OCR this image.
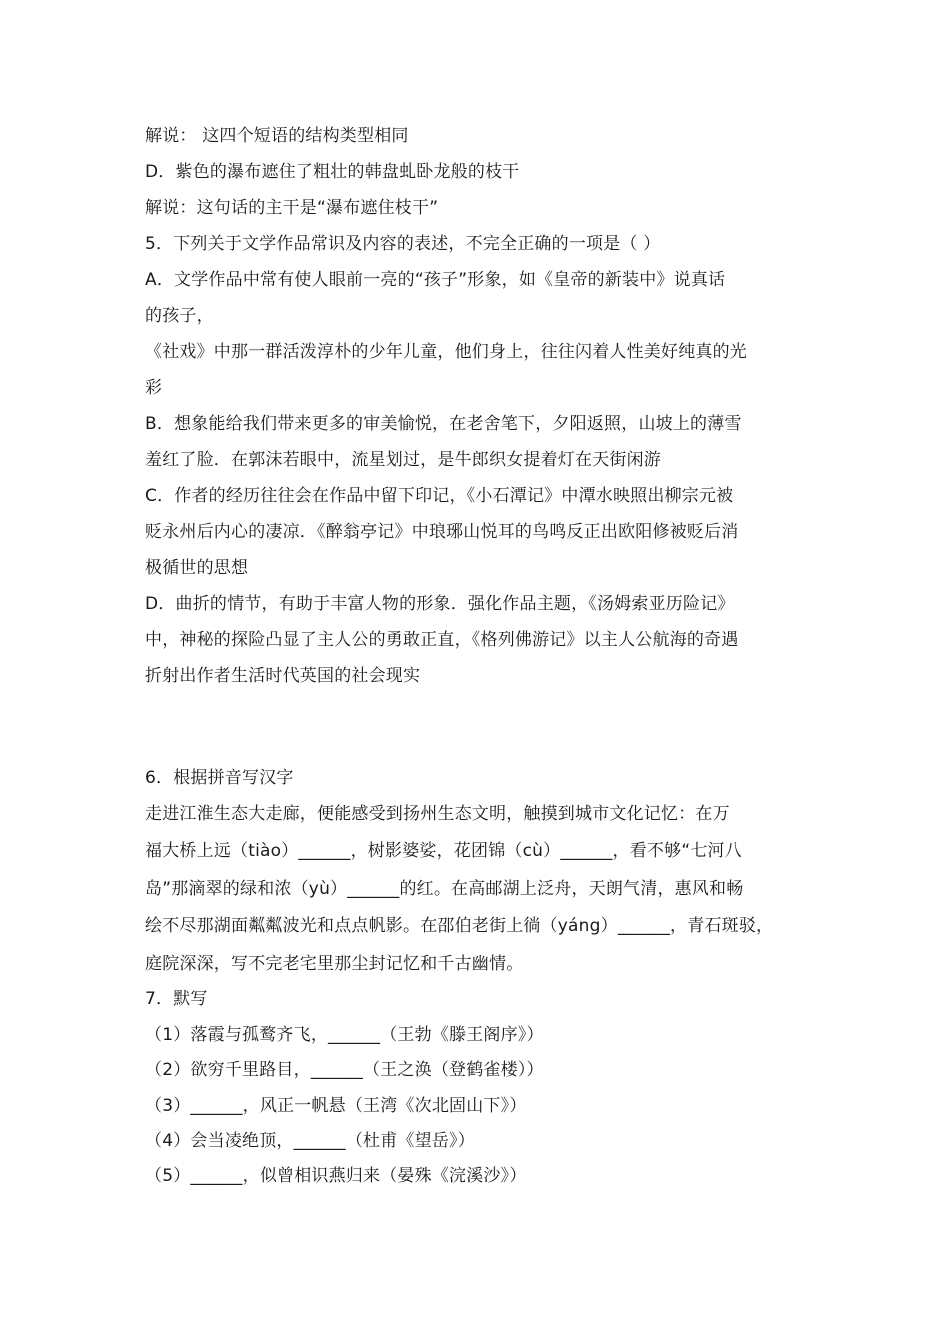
解说： 这四个短语的结构类型相同
D．紫色的瀑布遮住了粗壮的韩盘虬卧龙般的枝干
解说：这句话的主干是“瀑布遮住枝干”
5．下列关于文学作品常识及内容的表述，不完全正确的一项是（ ）
A．文学作品中常有使人眼前一亮的“孩子”形象，如《皇帝的新装中》说真话
的孩子，
《社戏》中那一群活泼淳朴的少年儿童，他们身上，往往闪着人性美好纯真的光
彩
B．想象能给我们带来更多的审美愉悦，在老舍笔下，夕阳返照，山坡上的薄雪
羞红了脸．在郭沫若眼中，流星划过，是牛郎织女提着灯在天街闲游
C．作者的经历往往会在作品中留下印记，《小石潭记》中潭水映照出柳宗元被
贬永州后内心的凄凉．《醉翁亭记》中琅琊山悦耳的鸟鸣反正出欧阳修被贬后消
极循世的思想
D．曲折的情节，有助于丰富人物的形象．强化作品主题，《汤姆索亚历险记》
中，神秘的探险凸显了主人公的勇敢正直，《格列佛游记》以主人公航海的奇遇
折射出作者生活时代英国的社会现实
6．根据拼音写汉字
走进江淮生态大走廊，便能感受到扬州生态文明，触摸到城市文化记忆：在万
福大桥上远（tiào）______，树影婆娑，花团锦（cù）______，看不够“七河八
岛”那滴翠的绿和浓（yù）______的红。在高邮湖上泛舟，天朗气清，惠风和畅
绘不尽那湖面粼粼波光和点点帆影。在邵伯老街上徜（yáng）______，青石斑驳，
庭院深深，写不完老宅里那尘封记忆和千古幽情。
7．默写
（1）落霞与孤鹜齐飞，______（王勃《滕王阁序》）
（2）欲穷千里路目，______（王之涣（登鹤雀楼））
（3）______，风正一帆悬（王湾《次北固山下》）
（4）会当凌绝顶，______（杜甫《望岳》）
（5）______，似曾相识燕归来（晏殊《浣溪沙》）
